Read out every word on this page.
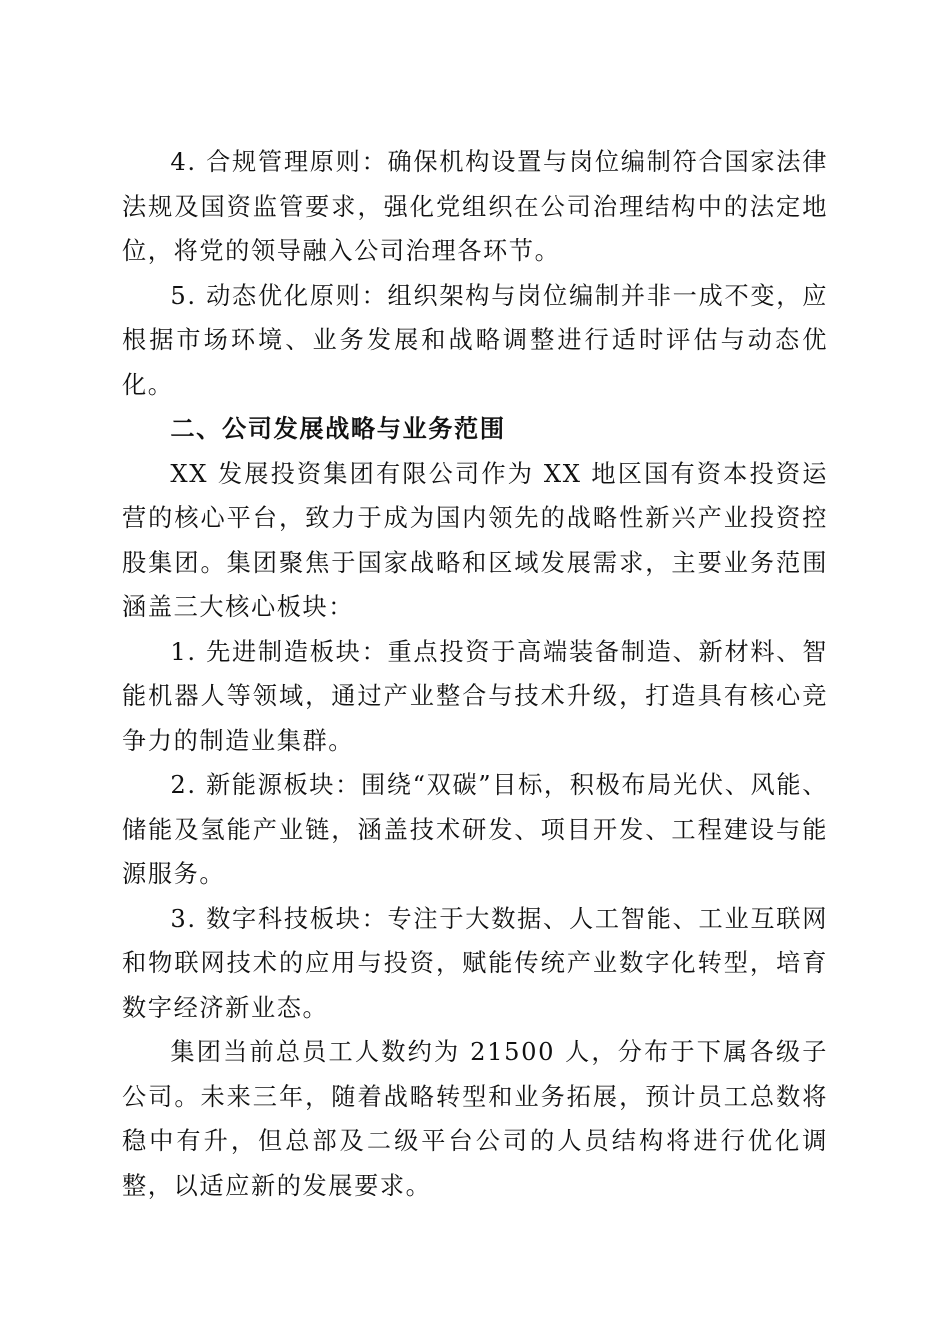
4. 合规管理原则：确保机构设置与岗位编制符合国家法律法规及国资监管要求，强化党组织在公司治理结构中的法定地位，将党的领导融入公司治理各环节。

5. 动态优化原则：组织架构与岗位编制并非一成不变，应根据市场环境、业务发展和战略调整进行适时评估与动态优化。

二、公司发展战略与业务范围

XX 发展投资集团有限公司作为 XX 地区国有资本投资运营的核心平台，致力于成为国内领先的战略性新兴产业投资控股集团。集团聚焦于国家战略和区域发展需求，主要业务范围涵盖三大核心板块：

1. 先进制造板块：重点投资于高端装备制造、新材料、智能机器人等领域，通过产业整合与技术升级，打造具有核心竞争力的制造业集群。

2. 新能源板块：围绕“双碳”目标，积极布局光伏、风能、储能及氢能产业链，涵盖技术研发、项目开发、工程建设与能源服务。

3. 数字科技板块：专注于大数据、人工智能、工业互联网和物联网技术的应用与投资，赋能传统产业数字化转型，培育数字经济新业态。

集团当前总员工人数约为 21500 人，分布于下属各级子公司。未来三年，随着战略转型和业务拓展，预计员工总数将稳中有升，但总部及二级平台公司的人员结构将进行优化调整，以适应新的发展要求。
